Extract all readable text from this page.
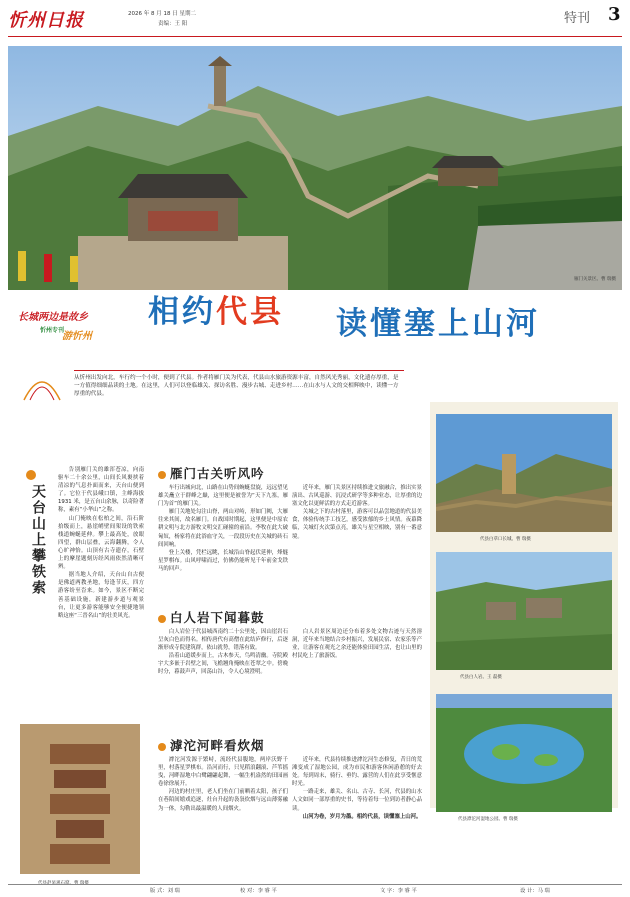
忻州日报	2026 年 8 月 18 日 星期二
责编：王 阳	特刊 3
雁门关景区。曹 瑞摄
长城两边是故乡
忻州专刊
游忻州
相约代县 读懂塞上山河
从忻州出发向北，车行约一个小时，便到了代县。作者将雁门关为代表，代县山水旅游资源丰富，自然风光秀丽，文化遗存厚重，是一方值得细细品读的土地。在这里，人们可以登临雄关、探访名胜、漫步古城、走进乡村……在山水与人文的交相辉映中，读懂一方厚重的代县。
天台山上攀铁索

告别雁门关的雄浑苍凉，向南驱车二十余公里，山间长风裹挟着清凉的气息扑面而来，天台山便到了。它位于代县峨口镇，主峰海拔 1931 米，是五台山余脉，以奇险著称，素有“小华山”之称。

山门掩映在松柏之间，沿石阶拾级而上，悬崖峭壁间架设的铁索栈道蜿蜒延伸。攀上最高处，放眼四望，群山层叠，云海翻腾，令人心旷神怡。山顶有古寺遗存，石壁上的摩崖题刻历经风雨依然清晰可辨。

据当地人介绍，天台山自古便是佛道两教圣地，每逢节庆，四方游客纷至沓来。如今，景区不断完善基础设施，新建游步道与观景台，让更多游客能够安全便捷地领略这座“三晋名山”的壮美风光。

雁门古关听风吟

车行出城向北，山路在山势间蜿蜒盘旋，远远望见雄关矗立于群峰之巅，这里便是被誉为“天下九塞，雁门为首”的雁门关。

雁门关地处勾注山脊，两山对峙，形如门阙，大雁往来其间，故名雁门。自战国时期起，这里便是中原农耕文明与北方游牧文明交汇碰撞的前沿。李牧在此大破匈奴，杨家将在此浴血守关，一段段历史在关城的砖石间回响。

登上关楼，凭栏远眺，长城沿山脊起伏延伸，烽燧星罗棋布。山风呼啸而过，仿佛仍能听见千年前金戈铁马的回声。

近年来，雁门关景区持续推进文旅融合，推出实景演出、古风巡游、沉浸式研学等多种业态，让厚重的边塞文化以更鲜活的方式走近游客。

关城之下的古村落里，游客可以品尝地道的代县美食，体验传统手工技艺，感受浓郁的乡土风情。夜幕降临，关城灯火次第点亮，雄关与星空相映，别有一番意境。

白人岩下闻暮鼓

白人岩位于代县城西南约二十公里处，因山崖岩石呈灰白色而得名。相传唐代有高僧在此结庐修行，后逐渐形成寺院建筑群，依山就势，错落有致。

沿着山道缓步而上，古木参天，鸟鸣清幽。寺院殿宇大多嵌于岩壁之间，飞檐翘角掩映在苍翠之中。傍晚时分，暮鼓声声，回荡山谷，令人心境澄明。

白人岩景区周边还分布着多处文物古迹与天然溶洞，近年来当地结合乡村振兴，发展民宿、农家乐等产业，让游客在观光之余还能体验田园生活，也让山里的村民吃上了旅游饭。

滹沱河畔看炊烟

滹沱河发源于繁峙，流经代县腹地，两岸沃野千里，村落星罗棋布。沿河而行，只见稻浪翻滚、芦苇摇曳，河畔湿地中白鹭翩翩起舞，一幅生机盎然的田园画卷徐徐展开。

河边的村庄里，老人们坐在门前晒着太阳，孩子们在巷陌间嬉戏追逐，灶台升起的袅袅炊烟与远山薄雾融为一体，勾勒出最温暖的人间烟火。

近年来，代县持续推进滹沱河生态修复，昔日的荒滩变成了湿地公园，成为市民和游客休闲游憩的好去处。每到周末，骑行、垂钓、露营的人们在此享受惬意时光。

一路走来，雄关、名山、古寺、长河，代县的山水人文如同一部厚重的史书，等待着每一位到访者静心品读。

山河为卷，岁月为墨。相约代县，读懂塞上山河。

代县白草口长城。曹 瑞摄
代县白人岩。王 磊摄
代县滹沱河湿地公园。曹 瑞摄
版 式：刘 瑞	校 对：李 睿 平	文 字：李 睿 平	设 计：马 瑞
